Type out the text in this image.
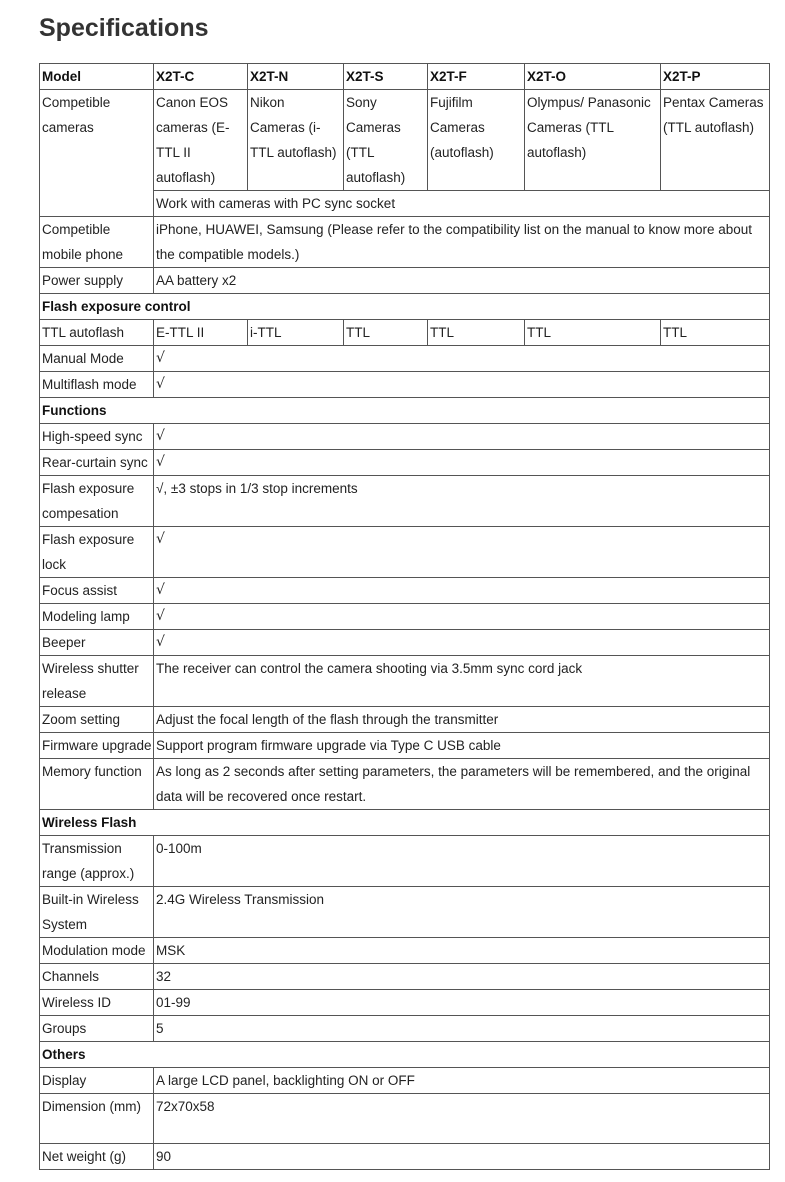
Specifications
Model	X2T-C	X2T-N	X2T-S	X2T-F	X2T-O	X2T-P
Competible cameras	Canon EOS cameras (E-TTL II autoflash)	Nikon Cameras (i-TTL autoflash)	Sony Cameras (TTL autoflash)	Fujifilm Cameras (autoflash)	Olympus/ Panasonic Cameras (TTL autoflash)	Pentax Cameras (TTL autoflash)
	Work with cameras with PC sync socket					
Competible mobile phone	iPhone, HUAWEI, Samsung (Please refer to the compatibility list on the manual to know more about the compatible models.)					
Power supply	AA battery x2					
Flash exposure control						
TTL autoflash	E-TTL II	i-TTL	TTL	TTL	TTL	TTL
Manual Mode	√					
Multiflash mode	√					
Functions						
High-speed sync	√					
Rear-curtain sync	√					
Flash exposure compesation	√, ±3 stops in 1/3 stop increments					
Flash exposure lock	√					
Focus assist	√					
Modeling lamp	√					
Beeper	√					
Wireless shutter release	The receiver can control the camera shooting via 3.5mm sync cord jack					
Zoom setting	Adjust the focal length of the flash through the transmitter					
Firmware upgrade	Support program firmware upgrade via Type C USB cable					
Memory function	As long as 2 seconds after setting parameters, the parameters will be remembered, and the original data will be recovered once restart.					
Wireless Flash						
Transmission range (approx.)	0-100m					
Built-in Wireless System	2.4G Wireless Transmission					
Modulation mode	MSK					
Channels	32					
Wireless ID	01-99					
Groups	5					
Others						
Display	A large LCD panel, backlighting ON or OFF					
Dimension (mm)	72x70x58					
Net weight (g)	90					
